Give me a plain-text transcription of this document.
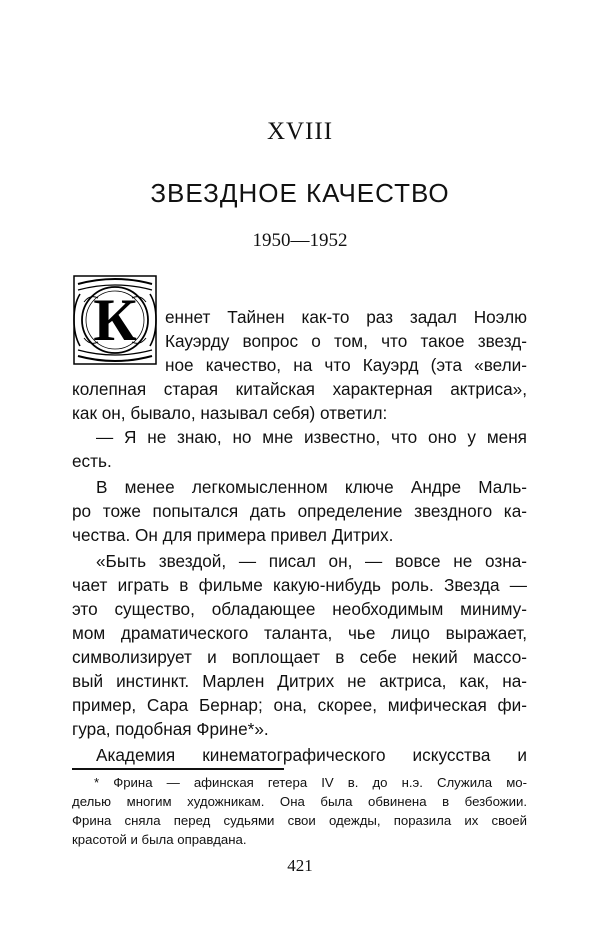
XVIII
ЗВЕЗДНОЕ КАЧЕСТВО
1950—1952
К	еннет Тайнен как-то раз задал Ноэлю
Кауэрду вопрос о том, что такое звезд-
ное качество, на что Кауэрд (эта «вели-
колепная старая китайская характерная актриса»,
как он, бывало, называл себя) ответил:
— Я не знаю, но мне известно, что оно у меня
есть.
В менее легкомысленном ключе Андре Маль-
ро тоже попытался дать определение звездного ка-
чества. Он для примера привел Дитрих.
«Быть звездой, — писал он, — вовсе не озна-
чает играть в фильме какую-нибудь роль. Звезда —
это существо, обладающее необходимым миниму-
мом драматического таланта, чье лицо выражает,
символизирует и воплощает в себе некий массо-
вый инстинкт. Марлен Дитрих не актриса, как, на-
пример, Сара Бернар; она, скорее, мифическая фи-
гура, подобная Фрине*».
Академия кинематографического искусства и
* Фрина — афинская гетера IV в. до н.э. Служила мо-
делью многим художникам. Она была обвинена в безбожии.
Фрина сняла перед судьями свои одежды, поразила их своей
красотой и была оправдана.
421
